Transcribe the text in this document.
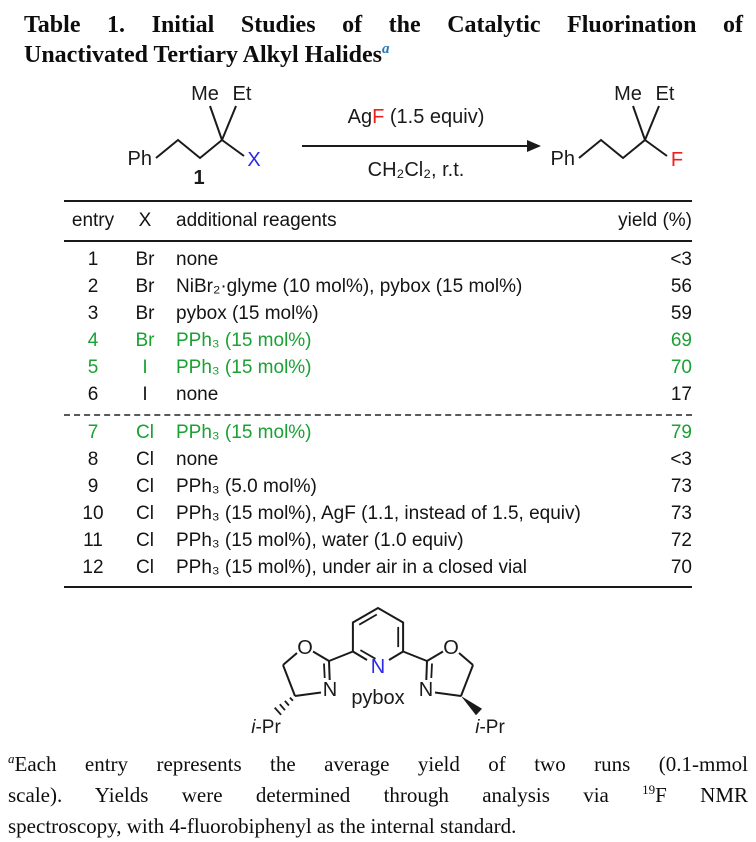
Table 1. Initial Studies of the Catalytic Fluorination of
Unactivated Tertiary Alkyl Halides$^a$
Ph
Me Et
X
1
AgF (1.5 equiv)
CH₂Cl₂, r.t.	Ph
Me Et
F
entry	X	additional reagents	yield (%)
1	Br	none	<3
2	Br	NiBr₂·glyme (10 mol%), pybox (15 mol%)	56
3	Br	pybox (15 mol%)	59
4	Br	PPh₃ (15 mol%)	69
5	I	PPh₃ (15 mol%)	70
6	I	none	17

7	Cl	PPh₃ (15 mol%)	79
8	Cl	none	<3
9	Cl	PPh₃ (5.0 mol%)	73
10	Cl	PPh₃ (15 mol%), AgF (1.1, instead of 1.5, equiv)	73
11	Cl	PPh₃ (15 mol%), water (1.0 equiv)	72
12	Cl	PPh₃ (15 mol%), under air in a closed vial	70
N
O
N
i-Pr
O
N
i-Pr
pybox
$^a$Each entry represents the average yield of two runs (0.1-mmol
scale). Yields were determined through analysis via $^{19}$F NMR
spectroscopy, with 4-fluorobiphenyl as the internal standard.
